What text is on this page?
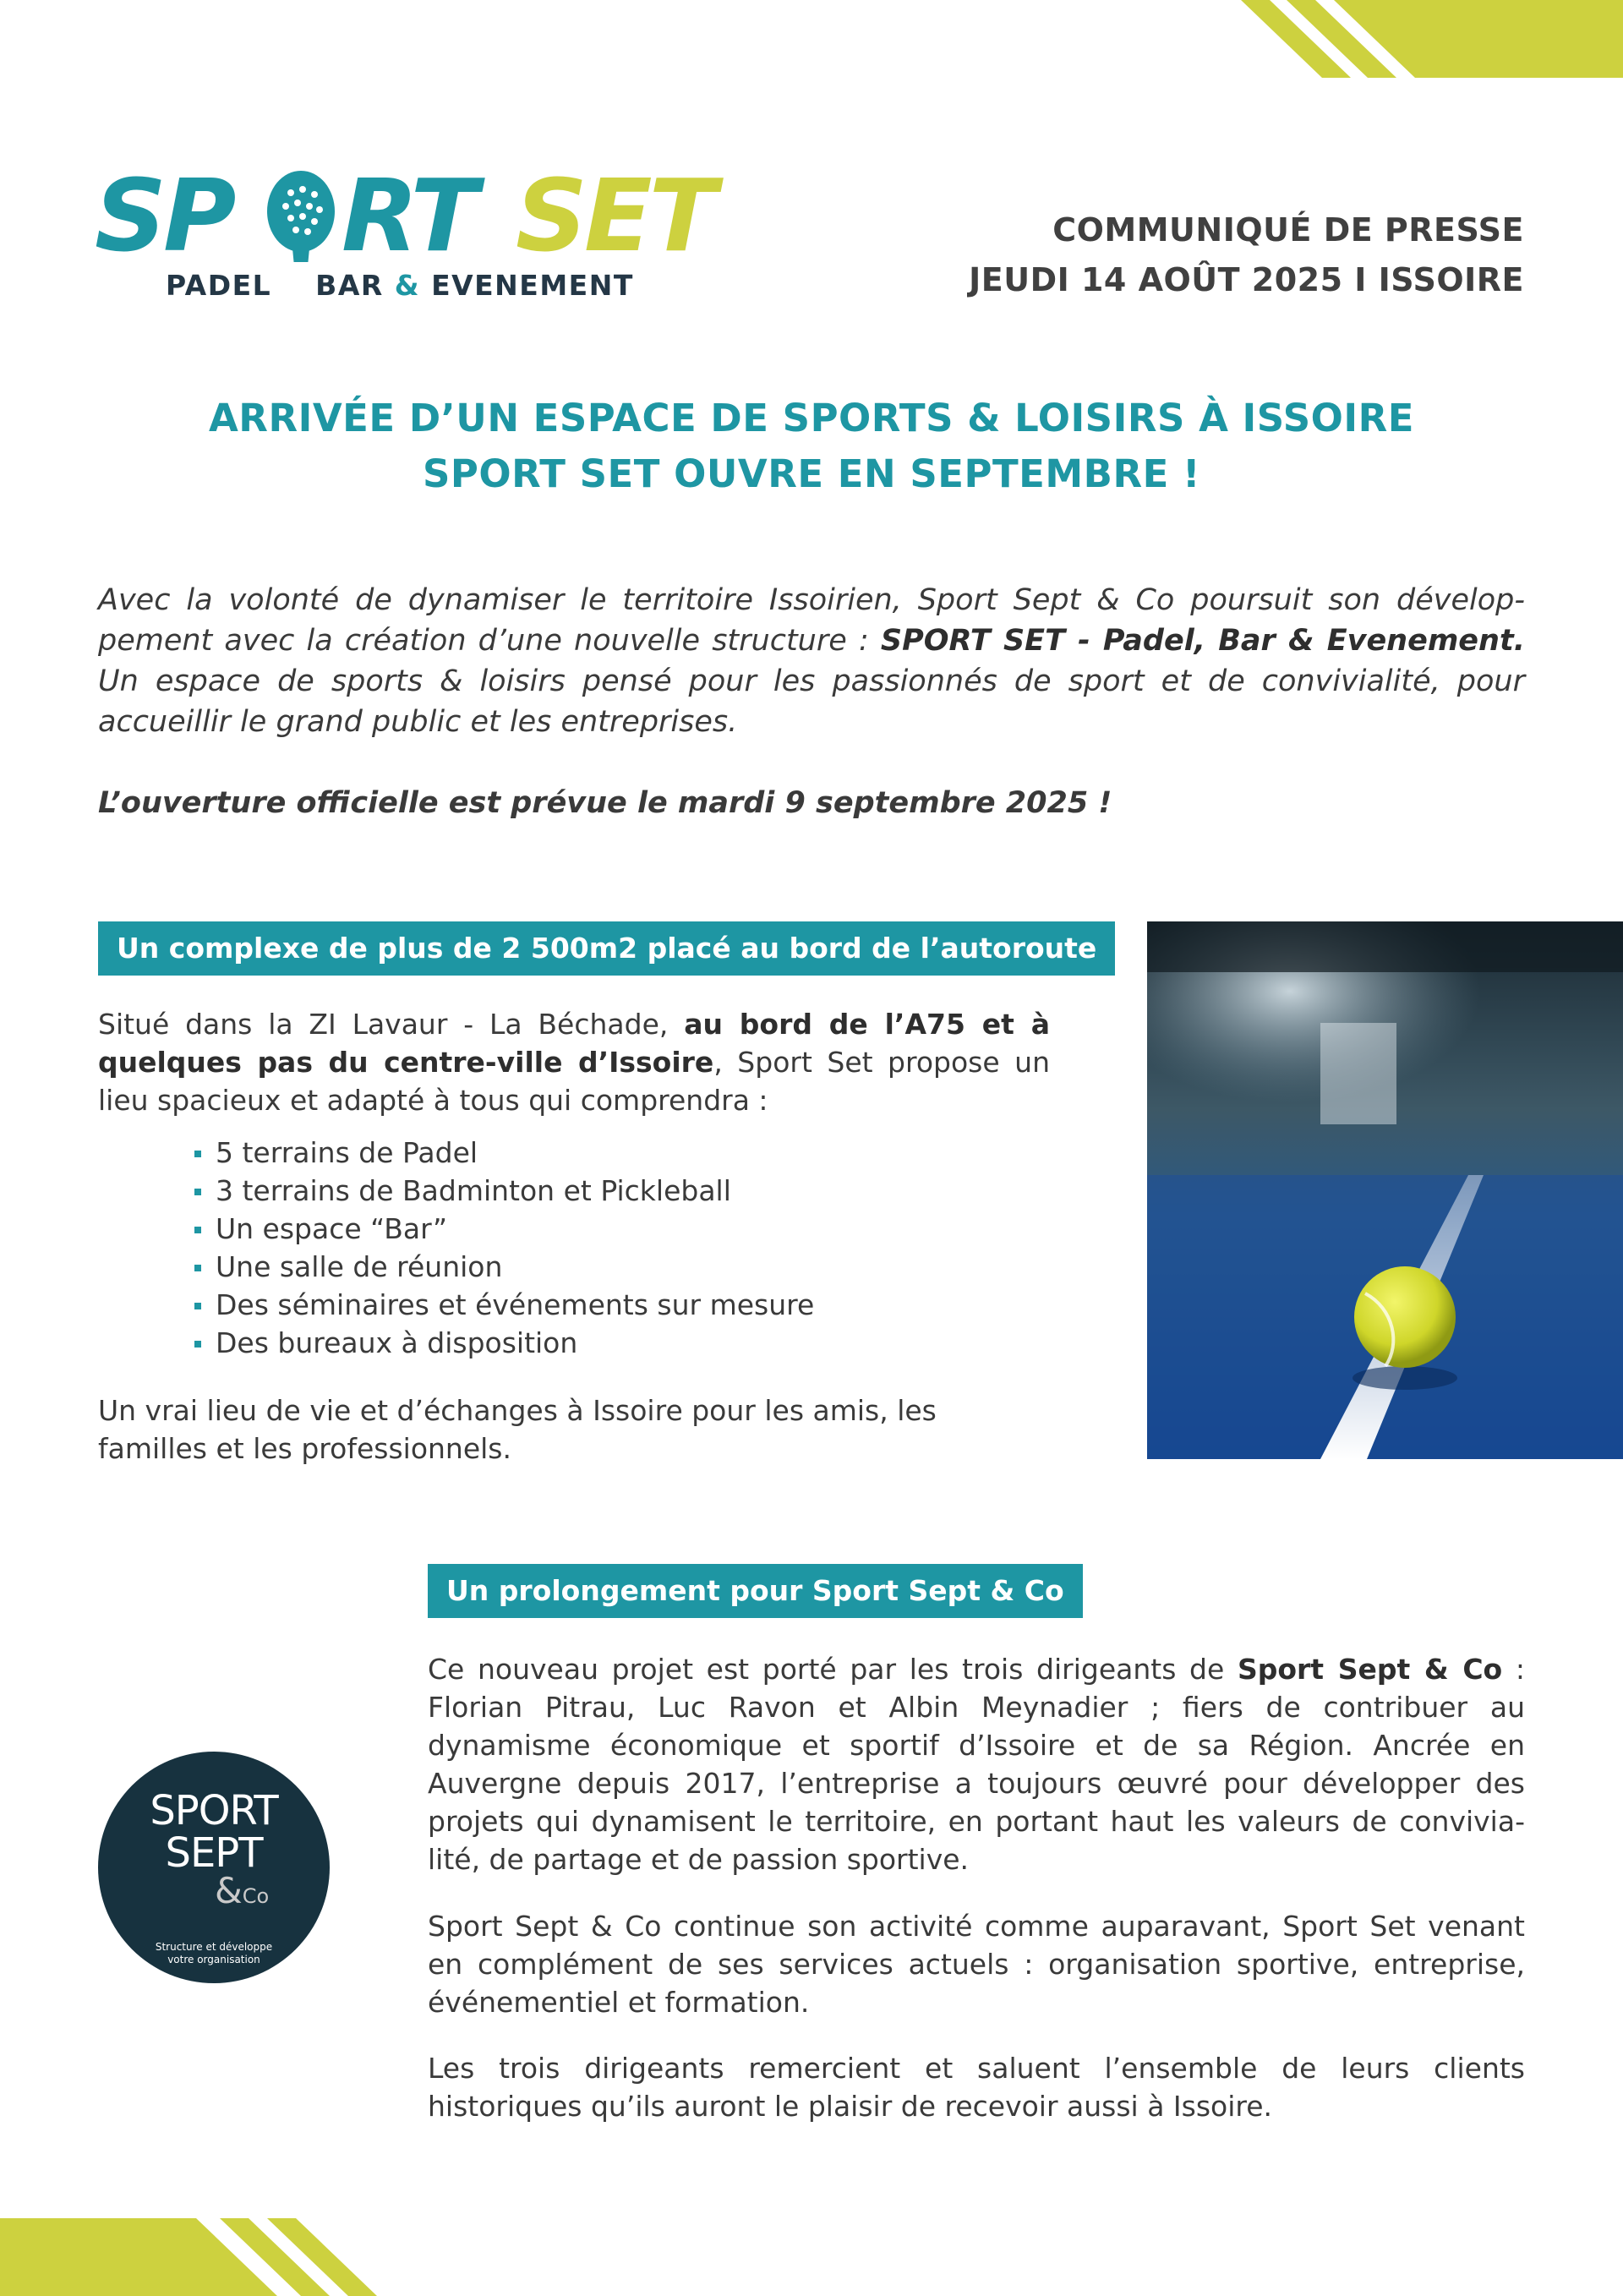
SP RT SET
PADEL BAR & EVENEMENT
COMMUNIQUÉ DE PRESSE
JEUDI 14 AOÛT 2025 I ISSOIRE
ARRIVÉE D’UN ESPACE DE SPORTS & LOISIRS À ISSOIRE
SPORT SET OUVRE EN SEPTEMBRE !
Avec la volonté de dynamiser le territoire Issoirien, Sport Sept & Co poursuit son développement avec la création d’une nouvelle structure : SPORT SET - Padel, Bar & Evenement. Un espace de sports & loisirs pensé pour les passionnés de sport et de convivialité, pour accueillir le grand public et les entreprises.
L’ouverture officielle est prévue le mardi 9 septembre 2025 !
Un complexe de plus de 2 500m2 placé au bord de l’autoroute
Situé dans la ZI Lavaur - La Béchade, au bord de l’A75 et à quelques pas du centre-ville d’Issoire, Sport Set propose un lieu spacieux et adapté à tous qui comprendra :
5 terrains de Padel
3 terrains de Badminton et Pickleball
Un espace “Bar”
Une salle de réunion
Des séminaires et événements sur mesure
Des bureaux à disposition
Un vrai lieu de vie et d’échanges à Issoire pour les amis, les familles et les professionnels.
Un prolongement pour Sport Sept & Co
Ce nouveau projet est porté par les trois dirigeants de Sport Sept & Co : Florian Pitrau, Luc Ravon et Albin Meynadier ; fiers de contribuer au dynamisme économique et sportif d’Issoire et de sa Région. Ancrée en Auvergne depuis 2017, l’entreprise a toujours œuvré pour développer des projets qui dynamisent le territoire, en portant haut les valeurs de convivialité, de partage et de passion sportive.
Sport Sept & Co continue son activité comme auparavant, Sport Set venant en complément de ses services actuels : organisation sportive, entreprise, événementiel et formation.
Les trois dirigeants remercient et saluent l’ensemble de leurs clients historiques qu’ils auront le plaisir de recevoir aussi à Issoire.
SPORT
SEPT
&Co
Structure et développe
votre organisation
